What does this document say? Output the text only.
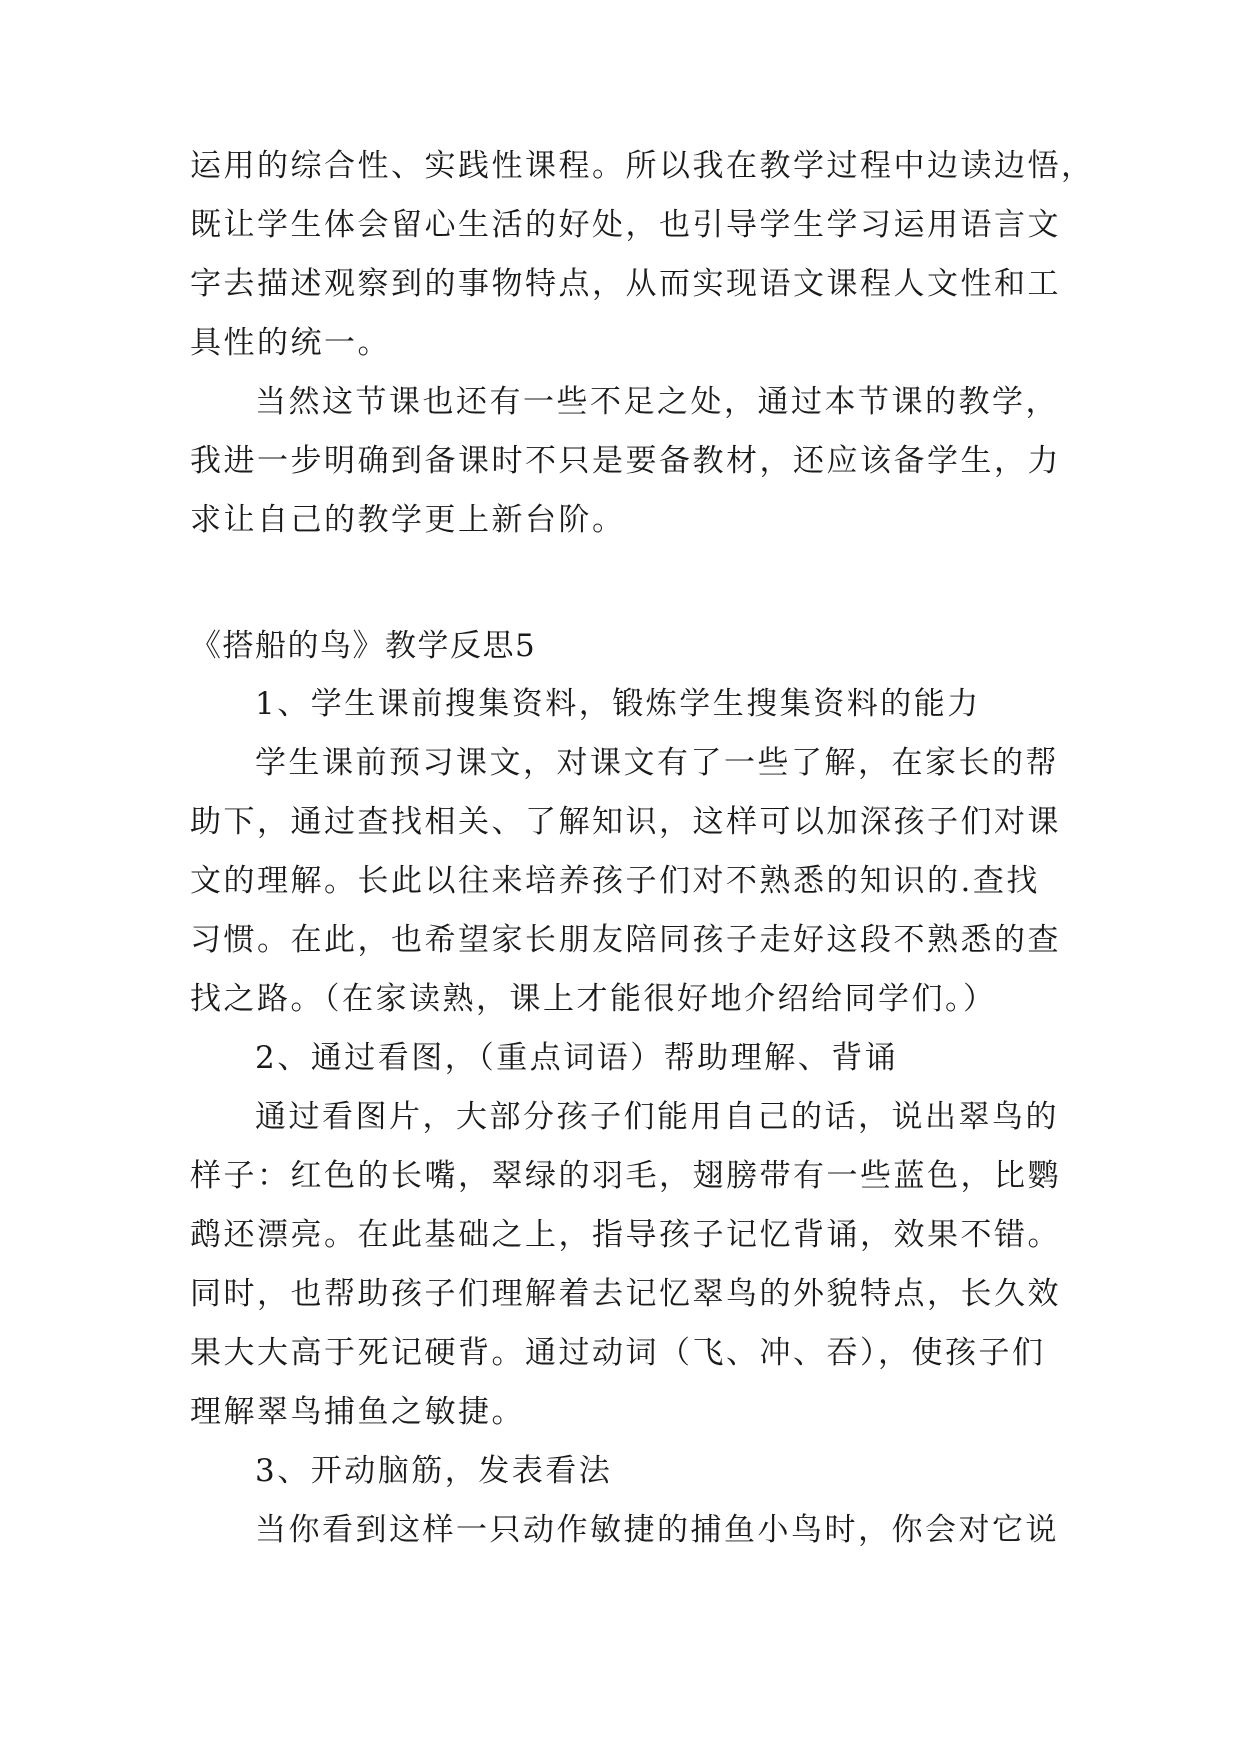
运用的综合性、实践性课程。所以我在教学过程中边读边悟，
既让学生体会留心生活的好处，也引导学生学习运用语言文
字去描述观察到的事物特点，从而实现语文课程人文性和工
具性的统一。
当然这节课也还有一些不足之处，通过本节课的教学，
我进一步明确到备课时不只是要备教材，还应该备学生，力
求让自己的教学更上新台阶。
《搭船的鸟》教学反思5
1、学生课前搜集资料，锻炼学生搜集资料的能力
学生课前预习课文，对课文有了一些了解，在家长的帮
助下，通过查找相关、了解知识，这样可以加深孩子们对课
文的理解。长此以往来培养孩子们对不熟悉的知识的.查找
习惯。在此，也希望家长朋友陪同孩子走好这段不熟悉的查
找之路。（在家读熟，课上才能很好地介绍给同学们。）
2、通过看图，（重点词语）帮助理解、背诵
通过看图片，大部分孩子们能用自己的话，说出翠鸟的
样子：红色的长嘴，翠绿的羽毛，翅膀带有一些蓝色，比鹦
鹉还漂亮。在此基础之上，指导孩子记忆背诵，效果不错。
同时，也帮助孩子们理解着去记忆翠鸟的外貌特点，长久效
果大大高于死记硬背。通过动词（飞、冲、吞），使孩子们
理解翠鸟捕鱼之敏捷。
3、开动脑筋，发表看法
当你看到这样一只动作敏捷的捕鱼小鸟时，你会对它说
